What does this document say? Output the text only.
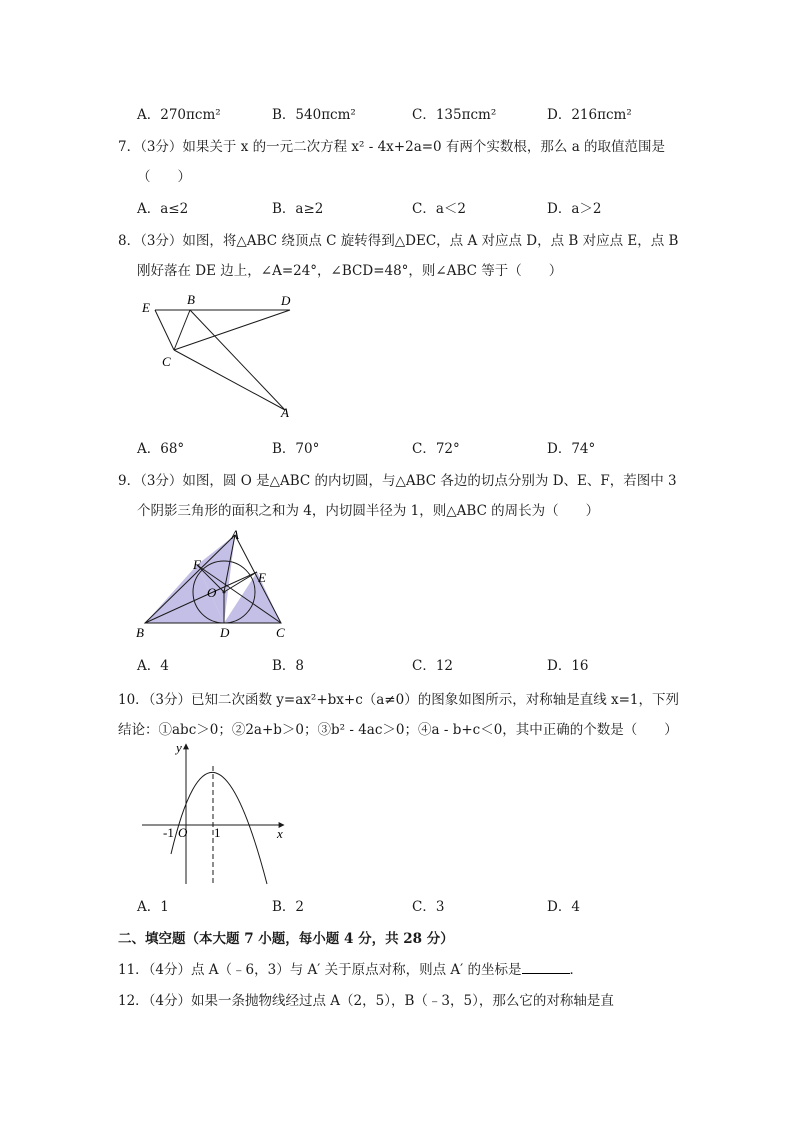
A．270πcm²	B．540πcm²	C．135πcm²	D．216πcm²
7．（3分）如果关于 x 的一元二次方程 x² - 4x+2a=0 有两个实数根，那么 a 的取值范围是
（　　）
A．a≤2	B．a≥2	C．a＜2	D．a＞2
8．（3分）如图，将△ABC 绕顶点 C 旋转得到△DEC，点 A 对应点 D，点 B 对应点 E，点 B
刚好落在 DE 边上，∠A=24°，∠BCD=48°，则∠ABC 等于（　　）
E
B	D
C
A
A．68°	B．70°	C．72°	D．74°
9．（3分）如图，圆 O 是△ABC 的内切圆，与△ABC 各边的切点分别为 D、E、F，若图中 3
个阴影三角形的面积之和为 4，内切圆半径为 1，则△ABC 的周长为（　　）
A
F
E
O
B	D	C
A．4	B．8	C．12	D．16
10．（3分）已知二次函数 y=ax²+bx+c（a≠0）的图象如图所示，对称轴是直线 x=1，下列
结论：①abc＞0；②2a+b＞0；③b² - 4ac＞0；④a - b+c＜0，其中正确的个数是（　　）
y
x
-1 O 1
A．1	B．2	C．3	D．4
二、填空题（本大题 7 小题，每小题 4 分，共 28 分）
11．（4分）点 A（﹣6，3）与 A′ 关于原点对称，则点 A′ 的坐标是	．
12．（4分）如果一条抛物线经过点 A（2，5），B（﹣3，5），那么它的对称轴是直
